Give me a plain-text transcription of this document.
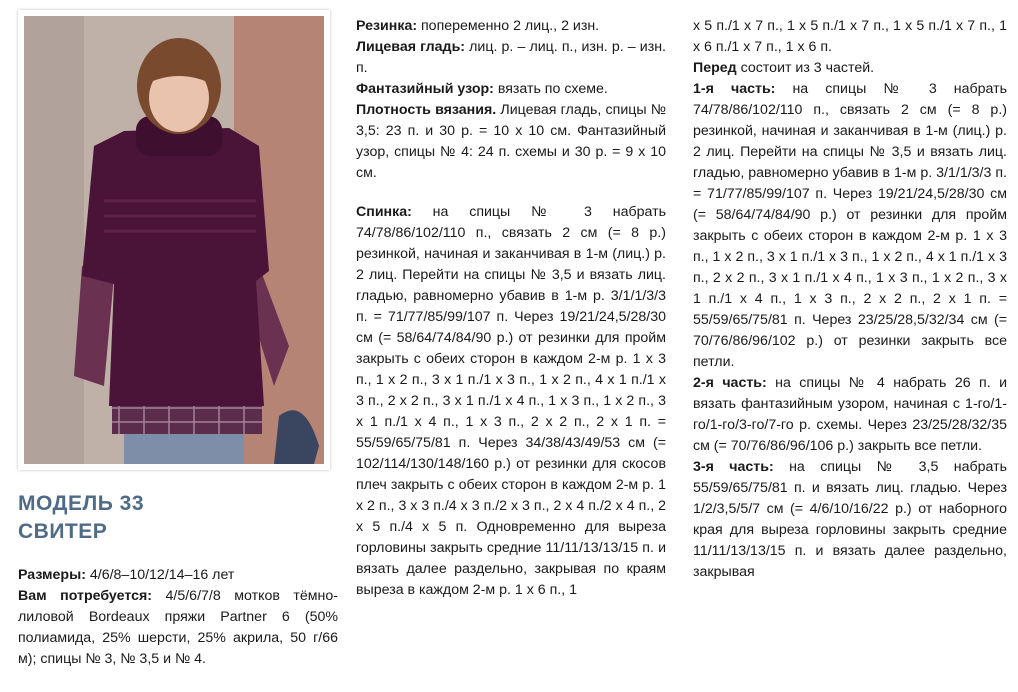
МОДЕЛЬ 33
СВИТЕР

Размеры: 4/6/8–10/12/14–16 лет

Вам потребуется: 4/5/6/7/8 мотков тёмно-лиловой Bordeaux пряжи Partner 6 (50% полиамида, 25% шерсти, 25% акрила, 50 г/66 м); спицы № 3, № 3,5 и № 4.

Резинка: попеременно 2 лиц., 2 изн.

Лицевая гладь: лиц. р. – лиц. п., изн. р. – изн. п.

Фантазийный узор: вязать по схеме.

Плотность вязания. Лицевая гладь, спицы № 3,5: 23 п. и 30 р. = 10 х 10 см. Фантазийный узор, спицы № 4: 24 п. схемы и 30 р. = 9 х 10 см.

Спинка: на спицы № 3 набрать 74/78/86/102/110 п., связать 2 см (= 8 р.) резинкой, начиная и заканчивая в 1-м (лиц.) р. 2 лиц. Перейти на спицы № 3,5 и вязать лиц. гладью, равномерно убавив в 1-м р. 3/1/1/3/3 п. = 71/77/85/99/107 п. Через 19/21/24,5/28/30 см (= 58/64/74/84/90 р.) от резинки для пройм закрыть с обеих сторон в каждом 2-м р. 1 х 3 п., 1 х 2 п., 3 х 1 п./1 х 3 п., 1 х 2 п., 4 х 1 п./1 х 3 п., 2 х 2 п., 3 х 1 п./1 х 4 п., 1 х 3 п., 1 х 2 п., 3 х 1 п./1 х 4 п., 1 х 3 п., 2 х 2 п., 2 х 1 п. = 55/59/65/75/81 п. Через 34/38/43/49/53 см (= 102/114/130/148/160 р.) от резинки для скосов плеч закрыть с обеих сторон в каждом 2-м р. 1 х 2 п., 3 х 3 п./4 х 3 п./2 х 3 п., 2 х 4 п./2 х 4 п., 2 х 5 п./4 х 5 п. Одновременно для выреза горловины закрыть средние 11/11/13/13/15 п. и вязать далее раздельно, закрывая по краям выреза в каждом 2-м р. 1 х 6 п., 1

х 5 п./1 х 7 п., 1 х 5 п./1 х 7 п., 1 х 5 п./1 х 7 п., 1 х 6 п./1 х 7 п., 1 х 6 п.

Перед состоит из 3 частей.

1-я часть: на спицы № 3 набрать 74/78/86/102/110 п., связать 2 см (= 8 р.) резинкой, начиная и заканчивая в 1-м (лиц.) р. 2 лиц. Перейти на спицы № 3,5 и вязать лиц. гладью, равномерно убавив в 1-м р. 3/1/1/3/3 п. = 71/77/85/99/107 п. Через 19/21/24,5/28/30 см (= 58/64/74/84/90 р.) от резинки для пройм закрыть с обеих сторон в каждом 2-м р. 1 х 3 п., 1 х 2 п., 3 х 1 п./1 х 3 п., 1 х 2 п., 4 х 1 п./1 х 3 п., 2 х 2 п., 3 х 1 п./1 х 4 п., 1 х 3 п., 1 х 2 п., 3 х 1 п./1 х 4 п., 1 х 3 п., 2 х 2 п., 2 х 1 п. = 55/59/65/75/81 п. Через 23/25/28,5/32/34 см (= 70/76/86/96/102 р.) от резинки закрыть все петли.

2-я часть: на спицы № 4 набрать 26 п. и вязать фантазийным узором, начиная с 1-го/1-го/1-го/3-го/7-го р. схемы. Через 23/25/28/32/35 см (= 70/76/86/96/106 р.) закрыть все петли.

3-я часть: на спицы № 3,5 набрать 55/59/65/75/81 п. и вязать лиц. гладью. Через 1/2/3,5/5/7 см (= 4/6/10/16/22 р.) от наборного края для выреза горловины закрыть средние 11/11/13/13/15 п. и вязать далее раздельно, закрывая
